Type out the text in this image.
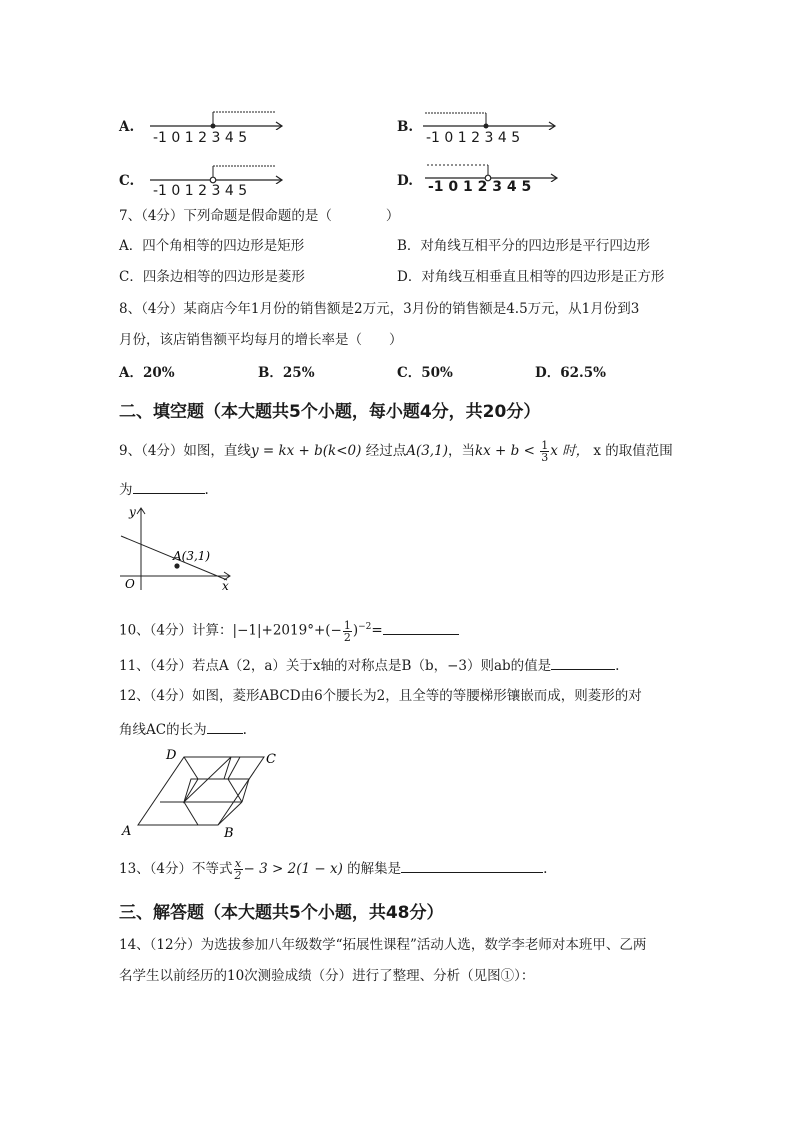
A.
-1 0 1 2 3 4 5
B.
-1 0 1 2 3 4 5
C.
-1 0 1 2 3 4 5
D. -1 0 1 2 3 4 5
7、（4分）下列命题是假命题的是（　　　　）
A．四个角相等的四边形是矩形	B．对角线互相平分的四边形是平行四边形
C．四条边相等的四边形是菱形	D．对角线互相垂直且相等的四边形是正方形
8、（4分）某商店今年1月份的销售额是2万元，3月份的销售额是4.5万元，从1月份到3
月份，该店销售额平均每月的增长率是（　　）
A．20%	B．25%	C．50%	D．62.5%
二、填空题（本大题共5个小题，每小题4分，共20分）
9、（4分）如图，直线y = kx + b(k<0) 经过点A(3,1)，当kx + $b < \frac{1}{3}$ x 时， x 的取值范围
为	.
y
x
O
A(3,1)
10、（4分）计算：$|-1|+2019^\circ+(- \frac{1}{2} )^{-2}=$
11、（4分）若点A（2，a）关于x轴的对称点是B（b，−3）则ab的值是	.
12、（4分）如图，菱形ABCD由6个腰长为2，且全等的等腰梯形镶嵌而成，则菱形的对
角线AC的长为	.
A	B
C
D
13、（4分）不等式 $\frac{x}{2} - 3 > 2(1 - x)$ 的解集是	.
三、解答题（本大题共5个小题，共48分）
14、（12分）为选拔参加八年级数学“拓展性课程”活动人选，数学李老师对本班甲、乙两
名学生以前经历的10次测验成绩（分）进行了整理、分析（见图①）：
